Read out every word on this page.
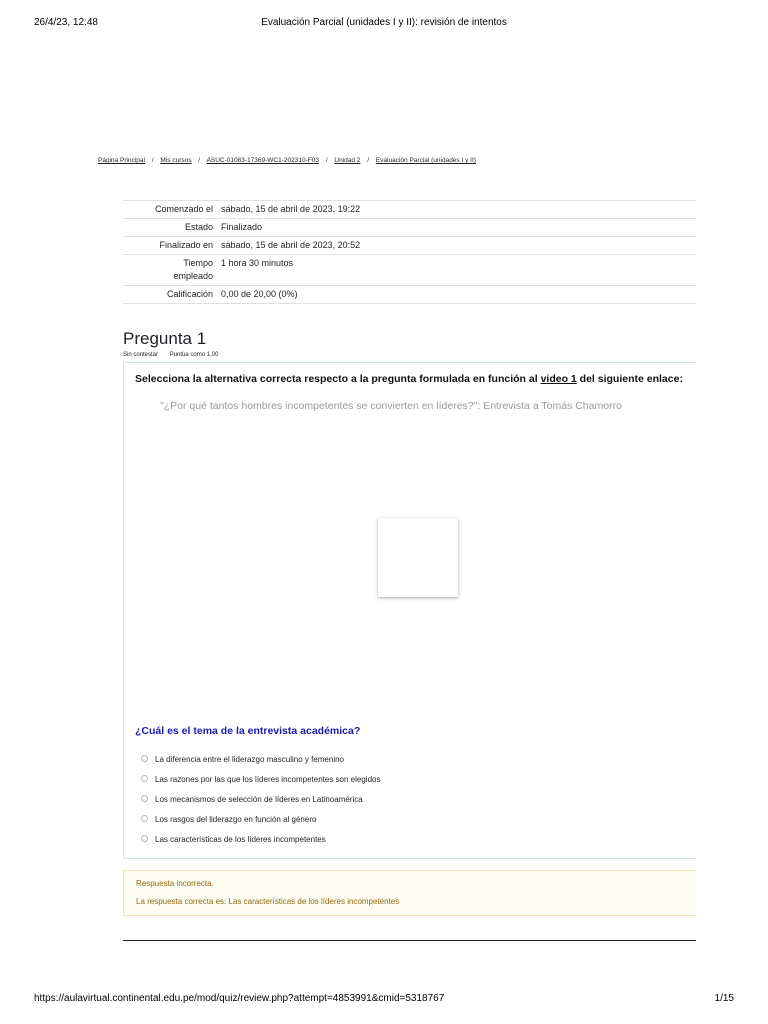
26/4/23, 12:48	Evaluación Parcial (unidades I y II): revisión de intentos
Página Principal / Mis cursos / ASUC-01083-17369-WC1-202310-F03 / Unidad 2 / Evaluación Parcial (unidades I y II)
Comenzado el	sábado, 15 de abril de 2023, 19:22
Estado	Finalizado
Finalizado en	sábado, 15 de abril de 2023, 20:52
Tiempo empleado	1 hora 30 minutos
Calificación	0,00 de 20,00 (0%)
Pregunta 1
Sin contestar Puntúa como 1,00
Selecciona la alternativa correcta respecto a la pregunta formulada en función al video 1 del siguiente enlace:
"¿Por qué tantos hombres incompetentes se convierten en líderes?": Entrevista a Tomás Chamorro
¿Cuál es el tema de la entrevista académica?
La diferencia entre el liderazgo masculino y femenino
Las razones por las que los líderes incompetentes son elegidos
Los mecanismos de selección de líderes en Latinoamérica
Los rasgos del liderazgo en función al género
Las características de los líderes incompetentes
Respuesta incorrecta.
La respuesta correcta es: Las características de los líderes incompetentes
https://aulavirtual.continental.edu.pe/mod/quiz/review.php?attempt=4853991&cmid=5318767	1/15
